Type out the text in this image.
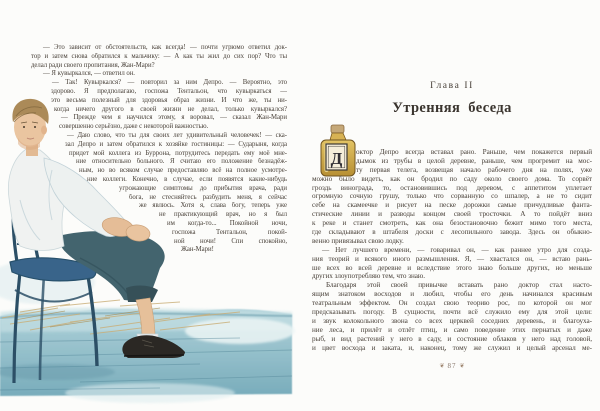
— Это зависит от обстоятельств, как всегда! — почти угрюмо ответил док-
тор и затем снова обратился к мальчику: — А как ты жил до сих пор? Что ты
делал ради своего пропитания, Жан-Мари?
— Я кувыркался, — ответил он.
— Так! Кувыркался? — повторил за ним Депро. — Вероятно, это
здорово. Я предполагаю, госпожа Тентальон, что кувыркаться —
это весьма полезный для здоровья образ жизни. И что же, ты ни-
когда ничего другого в своей жизни не делал, только кувыркался?
— Прежде чем я научился этому, я воровал, — сказал Жан-Мари
совершенно серьёзно, даже с некоторой важностью.
— Даю слово, что ты для своих лет удивительный человечек! — ска-
зал Депро и затем обратился к хозяйке гостиницы: — Сударыня, когда
придет мой коллега из Буррона, потрудитесь передать ему моё мне-
ние относительно больного. Я считаю его положение безнадёж-
ным, но во всяком случае предоставляю всё на полное усмотре-
ние коллеги. Конечно, в случае, если появятся какие-нибудь
угрожающие симптомы до прибытия врача, ради
бога, не стесняйтесь разбудить меня, я сейчас
же явлюсь. Хотя я, слава богу, теперь уже
не практикующий врач, но я был
им когда-то... Покойной ночи,
госпожа Тентальон, покой-
ной ночи! Спи спокойно,
Жан-Мари!
Глава II
Утренняя беседа
Д	октор Депро всегда вставал рано. Раньше, чем покажется первый
дымок из трубы в целой деревне, раньше, чем прогремит на мос-
ту первая телега, возвещая начало рабочего дня на полях, уже
можно было видеть, как он бродил по саду около своего дома. То сорвёт
гроздь винограда, то, остановившись под деревом, с аппетитом уплетает
огромную сочную грушу, только что сорванную со шпалер, а не то сидит
себе на скамеечке и рисует на песке дорожки самые причудливые фанта-
стические линии и разводы концом своей тросточки. А то пойдёт вниз
к реке и станет смотреть, как она безостановочно бежит мимо того места,
где складывают в штабеля доски с лесопильного завода. Здесь он обыкно-
венно привязывал свою лодку.
— Нет лучшего времени, — говаривал он, — как раннее утро для созда-
ния теорий и всякого иного размышления. Я, — хвастался он, — встаю рань-
ше всех во всей деревне и вследствие этого знаю больше других, но меньше
других злоупотребляю тем, что знаю.
Благодаря этой своей привычке вставать рано доктор стал насто-
ящим знатоком восходов и любил, чтобы его день начинался красивым
театральным эффектом. Он создал свою теорию рос, по которой он мог
предсказывать погоду. В сущности, почти всё служило ему для этой цели:
и звук колокольного звона со всех церквей соседних деревень, и благоуха-
ние леса, и прилёт и отлёт птиц, и само поведение этих пернатых и даже
рыб, и вид растений у него в саду, и состояние облаков у него над головой,
и цвет восхода и заката, и, наконец, тому же служил и целый арсенал ме-
❦ 87 ❦
